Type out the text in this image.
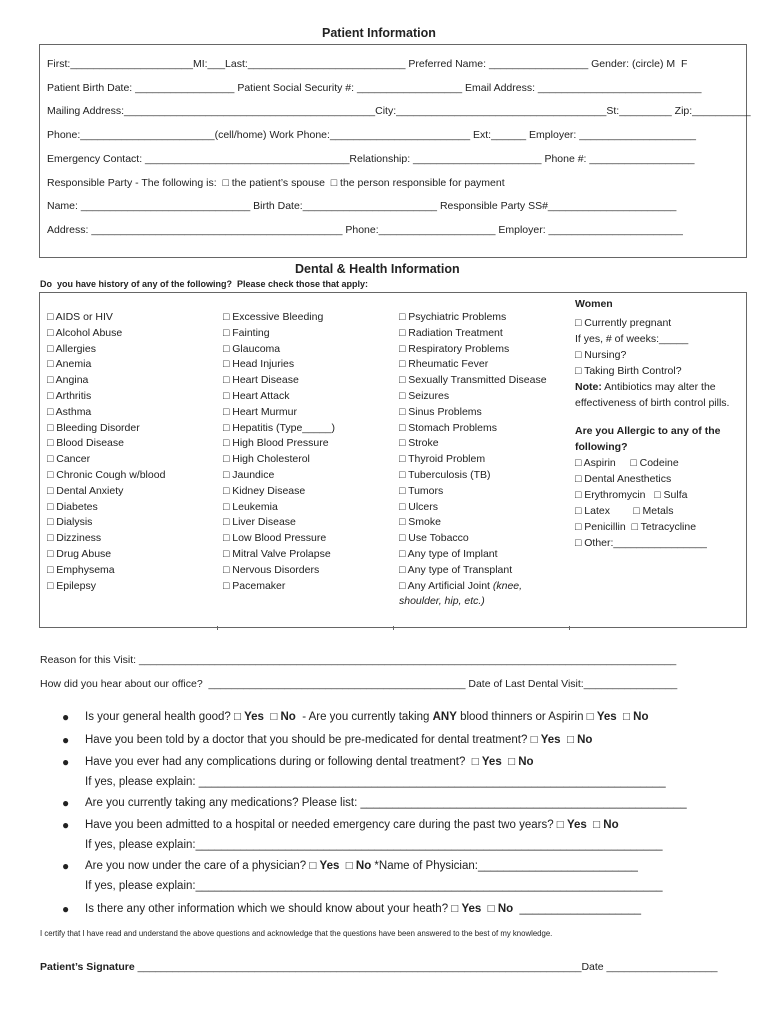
Patient Information
First:_____________________MI:___Last:___________________________ Preferred Name: _________________ Gender: (circle) M  F
Patient Birth Date: _________________ Patient Social Security #: __________________ Email Address: ____________________________
Mailing Address:___________________________________________City:____________________________________St:_________ Zip:__________
Phone:_______________________(cell/home) Work Phone:________________________ Ext:______ Employer: ____________________
Emergency Contact: ___________________________________Relationship: ______________________ Phone #: __________________
Responsible Party - The following is:  □ the patient’s spouse  □ the person responsible for payment
Name: _____________________________ Birth Date:_______________________ Responsible Party SS#______________________
Address: ___________________________________________ Phone:____________________ Employer: _______________________
Dental & Health Information
Do  you have history of any of the following?  Please check those that apply:
□ AIDS or HIV
□ Alcohol Abuse
□ Allergies
□ Anemia
□ Angina
□ Arthritis
□ Asthma
□ Bleeding Disorder
□ Blood Disease
□ Cancer
□ Chronic Cough w/blood
□ Dental Anxiety
□ Diabetes
□ Dialysis
□ Dizziness
□ Drug Abuse
□ Emphysema
□ Epilepsy
□ Excessive Bleeding
□ Fainting
□ Glaucoma
□ Head Injuries
□ Heart Disease
□ Heart Attack
□ Heart Murmur
□ Hepatitis (Type_____)
□ High Blood Pressure
□ High Cholesterol
□ Jaundice
□ Kidney Disease
□ Leukemia
□ Liver Disease
□ Low Blood Pressure
□ Mitral Valve Prolapse
□ Nervous Disorders
□ Pacemaker
□ Psychiatric Problems
□ Radiation Treatment
□ Respiratory Problems
□ Rheumatic Fever
□ Sexually Transmitted Disease
□ Seizures
□ Sinus Problems
□ Stomach Problems
□ Stroke
□ Thyroid Problem
□ Tuberculosis (TB)
□ Tumors
□ Ulcers
□ Smoke
□ Use Tobacco
□ Any type of Implant
□ Any type of Transplant
□ Any Artificial Joint (knee,
shoulder, hip, etc.)
Women
□ Currently pregnant
If yes, # of weeks:_____
□ Nursing?
□ Taking Birth Control?
Note: Antibiotics may alter the effectiveness of birth control pills.
Are you Allergic to any of the following?
□ Aspirin     □ Codeine
□ Dental Anesthetics
□ Erythromycin   □ Sulfa
□ Latex        □ Metals
□ Penicillin  □ Tetracycline
□ Other:________________
Reason for this Visit: ____________________________________________________________________________________________
How did you hear about our office?  ____________________________________________ Date of Last Dental Visit:________________
● Is your general health good? □ Yes  □ No  - Are you currently taking ANY blood thinners or Aspirin □ Yes  □ No
● Have you been told by a doctor that you should be pre-medicated for dental treatment? □ Yes  □ No
● Have you ever had any complications during or following dental treatment?  □ Yes  □ No
If yes, please explain: _________________________________________________________________________
● Are you currently taking any medications? Please list: ___________________________________________________
● Have you been admitted to a hospital or needed emergency care during the past two years? □ Yes  □ No
If yes, please explain:_________________________________________________________________________
● Are you now under the care of a physician? □ Yes  □ No *Name of Physician:_________________________
If yes, please explain:_________________________________________________________________________
● Is there any other information which we should know about your heath? □ Yes  □ No  ___________________
I certify that I have read and understand the above questions and acknowledge that the questions have been answered to the best of my knowledge.
Patient’s Signature ____________________________________________________________________________Date ___________________
